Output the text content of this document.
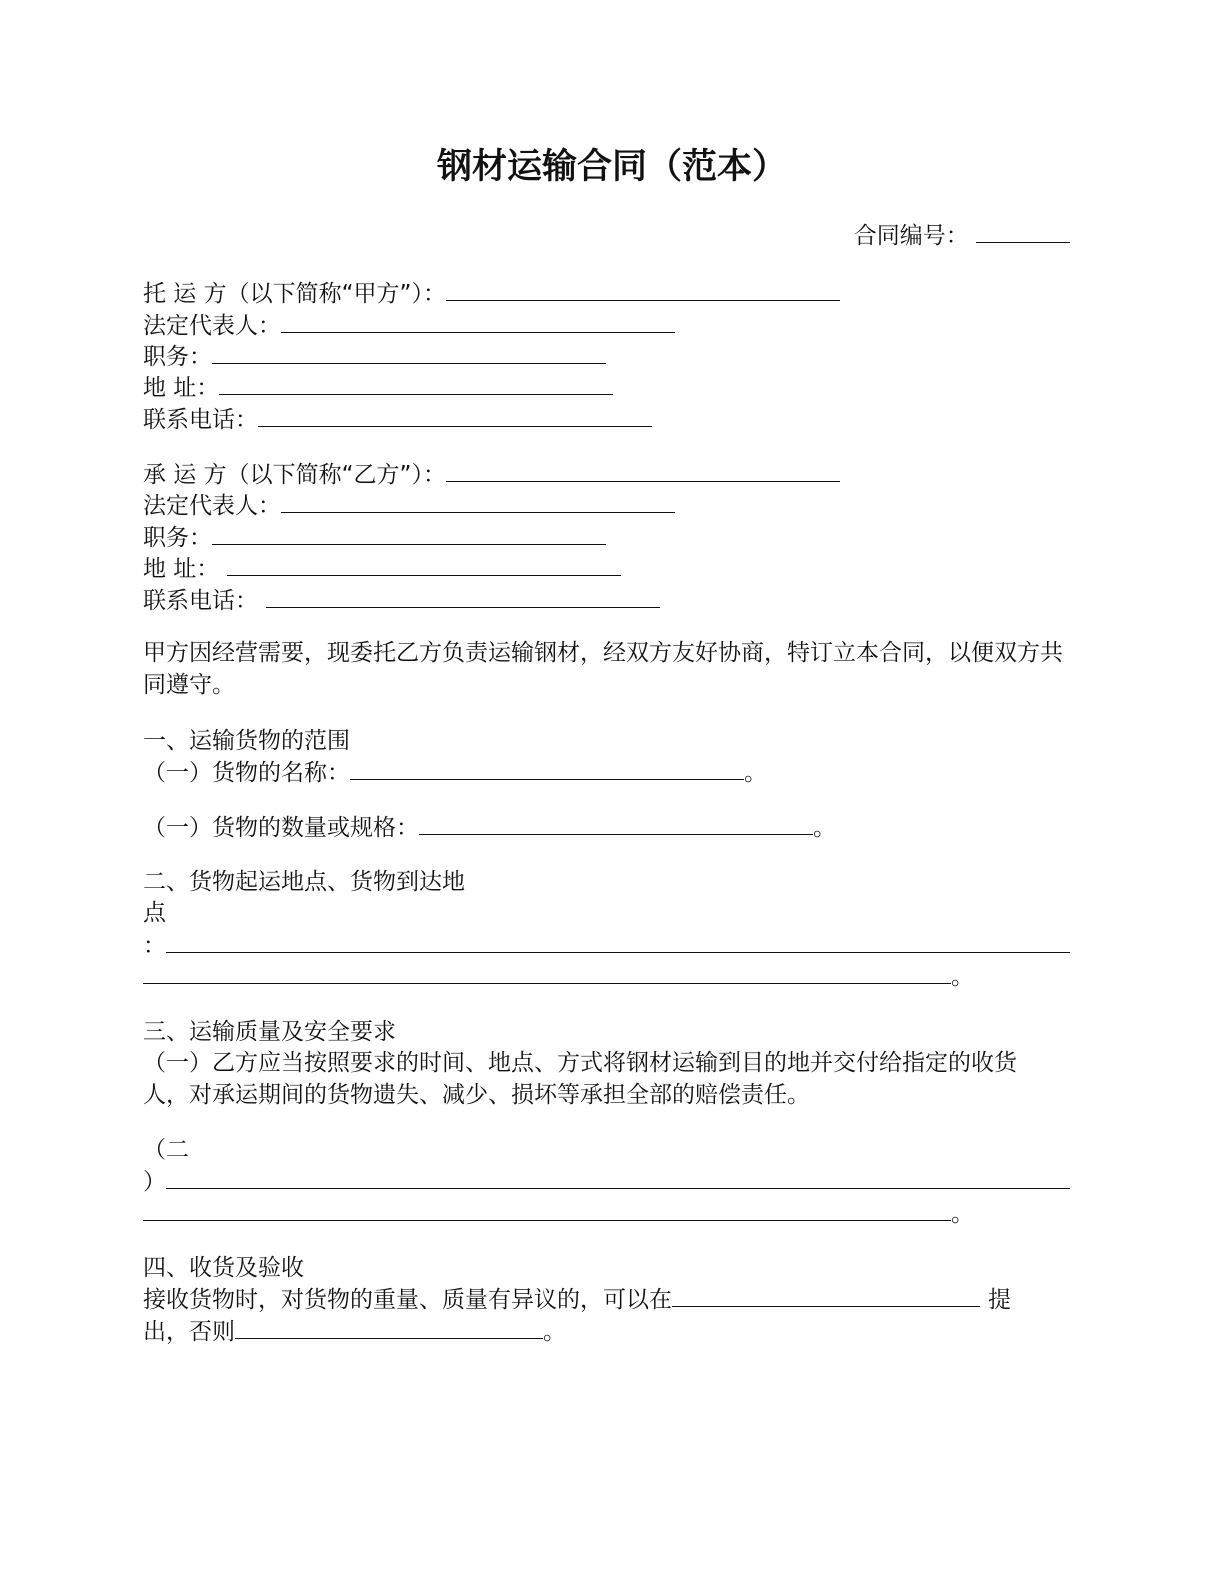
钢材运输合同（范本）
合同编号：
托 运 方（以下简称“甲方”）：
法定代表人：
职务：
地 址：
联系电话：
承 运 方（以下简称“乙方”）：
法定代表人：
职务：
地 址：
联系电话：
甲方因经营需要，现委托乙方负责运输钢材，经双方友好协商，特订立本合同，以便双方共同遵守。
一、运输货物的范围
（一）货物的名称：	。
（一）货物的数量或规格：	。
二、货物起运地点、货物到达地
点
：
。
三、运输质量及安全要求
（一）乙方应当按照要求的时间、地点、方式将钢材运输到目的地并交付给指定的收货人，对承运期间的货物遗失、减少、损坏等承担全部的赔偿责任。
（二
）
。
四、收货及验收
接收货物时，对货物的重量、质量有异议的，可以在	提
出，否则	。
